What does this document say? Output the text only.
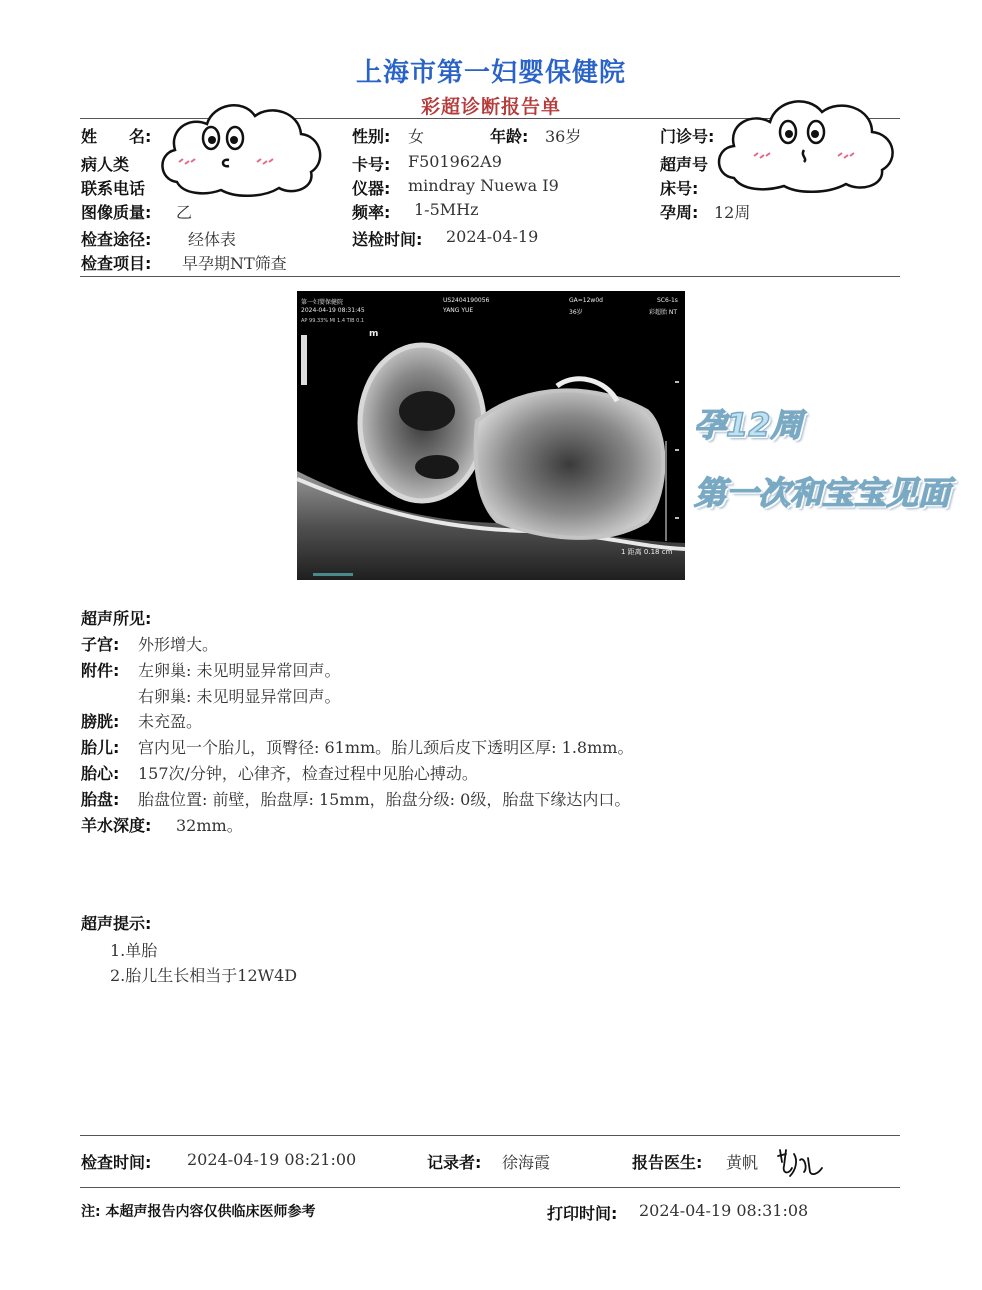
上海市第一妇婴保健院
彩超诊断报告单
姓　　名:	性别: 女	年龄: 36岁	门诊号:
病人类	卡号: F501962A9	超声号
联系电话	仪器: mindray Nuewa I9	床号:
图像质量: 乙	频率: 1-5MHz	孕周: 12周
检查途径: 经体表	送检时间: 2024-04-19
检查项目: 早孕期NT筛查
第一妇婴保健院
2024-04-19 08:31:45
AP 99.33% MI 1.4 TIB 0.1
US2404190056
YANG YUE
GA=12w0d
36岁
SC6-1s
彩超胎 NT
m
1 距离 0.18 cm
孕12周
第一次和宝宝见面
超声所见:
子宫: 外形增大。
附件: 左卵巢: 未见明显异常回声。
右卵巢: 未见明显异常回声。
膀胱: 未充盈。
胎儿: 宫内见一个胎儿，顶臀径: 61mm。胎儿颈后皮下透明区厚: 1.8mm。
胎心: 157次/分钟，心律齐，检查过程中见胎心搏动。
胎盘: 胎盘位置: 前壁，胎盘厚: 15mm，胎盘分级: 0级，胎盘下缘达内口。
羊水深度: 32mm。
超声提示:
1.单胎
2.胎儿生长相当于12W4D
检查时间: 2024-04-19 08:21:00	记录者: 徐海霞	报告医生: 黄帆
注: 本超声报告内容仅供临床医师参考	打印时间: 2024-04-19 08:31:08
